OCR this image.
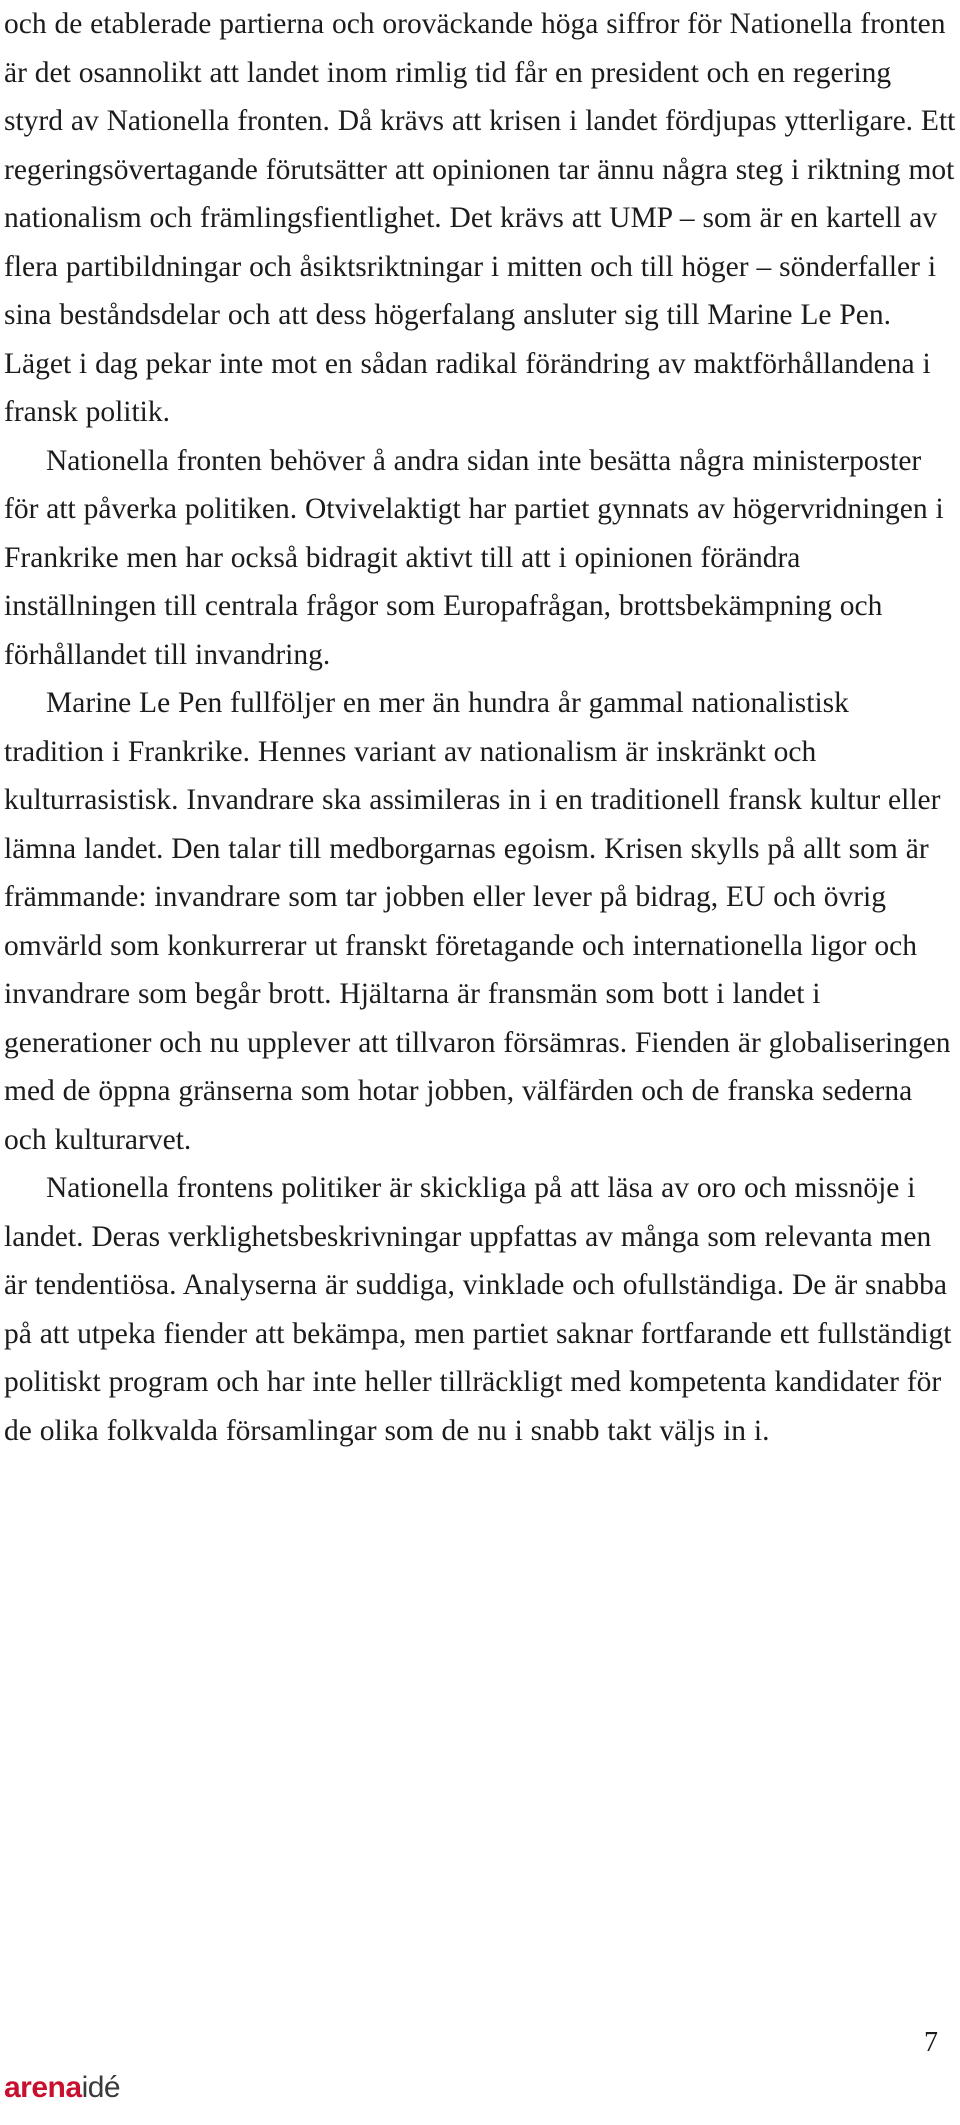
och de etablerade partierna och oroväckande höga siffror för Nationella fronten är det osannolikt att landet inom rimlig tid får en president och en regering styrd av Nationella fronten. Då krävs att krisen i landet fördjupas ytterligare. Ett regeringsövertagande förutsätter att opinionen tar ännu några steg i riktning mot nationalism och främlingsfientlighet. Det krävs att UMP – som är en kartell av flera partibildningar och åsiktsriktningar i mitten och till höger – sönderfaller i sina beståndsdelar och att dess högerfalang ansluter sig till Marine Le Pen. Läget i dag pekar inte mot en sådan radikal förändring av maktförhållandena i fransk politik.

Nationella fronten behöver å andra sidan inte besätta några ministerposter för att påverka politiken. Otvivelaktigt har partiet gynnats av högervridningen i Frankrike men har också bidragit aktivt till att i opinionen förändra inställningen till centrala frågor som Europafrågan, brottsbekämpning och förhållandet till invandring.

Marine Le Pen fullföljer en mer än hundra år gammal nationalistisk tradition i Frankrike. Hennes variant av nationalism är inskränkt och kulturrasistisk. Invandrare ska assimileras in i en traditionell fransk kultur eller lämna landet. Den talar till medborgarnas egoism. Krisen skylls på allt som är främmande: invandrare som tar jobben eller lever på bidrag, EU och övrig omvärld som konkurrerar ut franskt företagande och internationella ligor och invandrare som begår brott. Hjältarna är fransmän som bott i landet i generationer och nu upplever att tillvaron försämras. Fienden är globaliseringen med de öppna gränserna som hotar jobben, välfärden och de franska sederna och kulturarvet.

Nationella frontens politiker är skickliga på att läsa av oro och missnöje i landet. Deras verklighetsbeskrivningar uppfattas av många som relevanta men är tendentiösa. Analyserna är suddiga, vinklade och ofullständiga. De är snabba på att utpeka fiender att bekämpa, men partiet saknar fortfarande ett fullständigt politiskt program och har inte heller tillräckligt med kompetenta kandidater för de olika folkvalda församlingar som de nu i snabb takt väljs in i.

arenaidé
7
